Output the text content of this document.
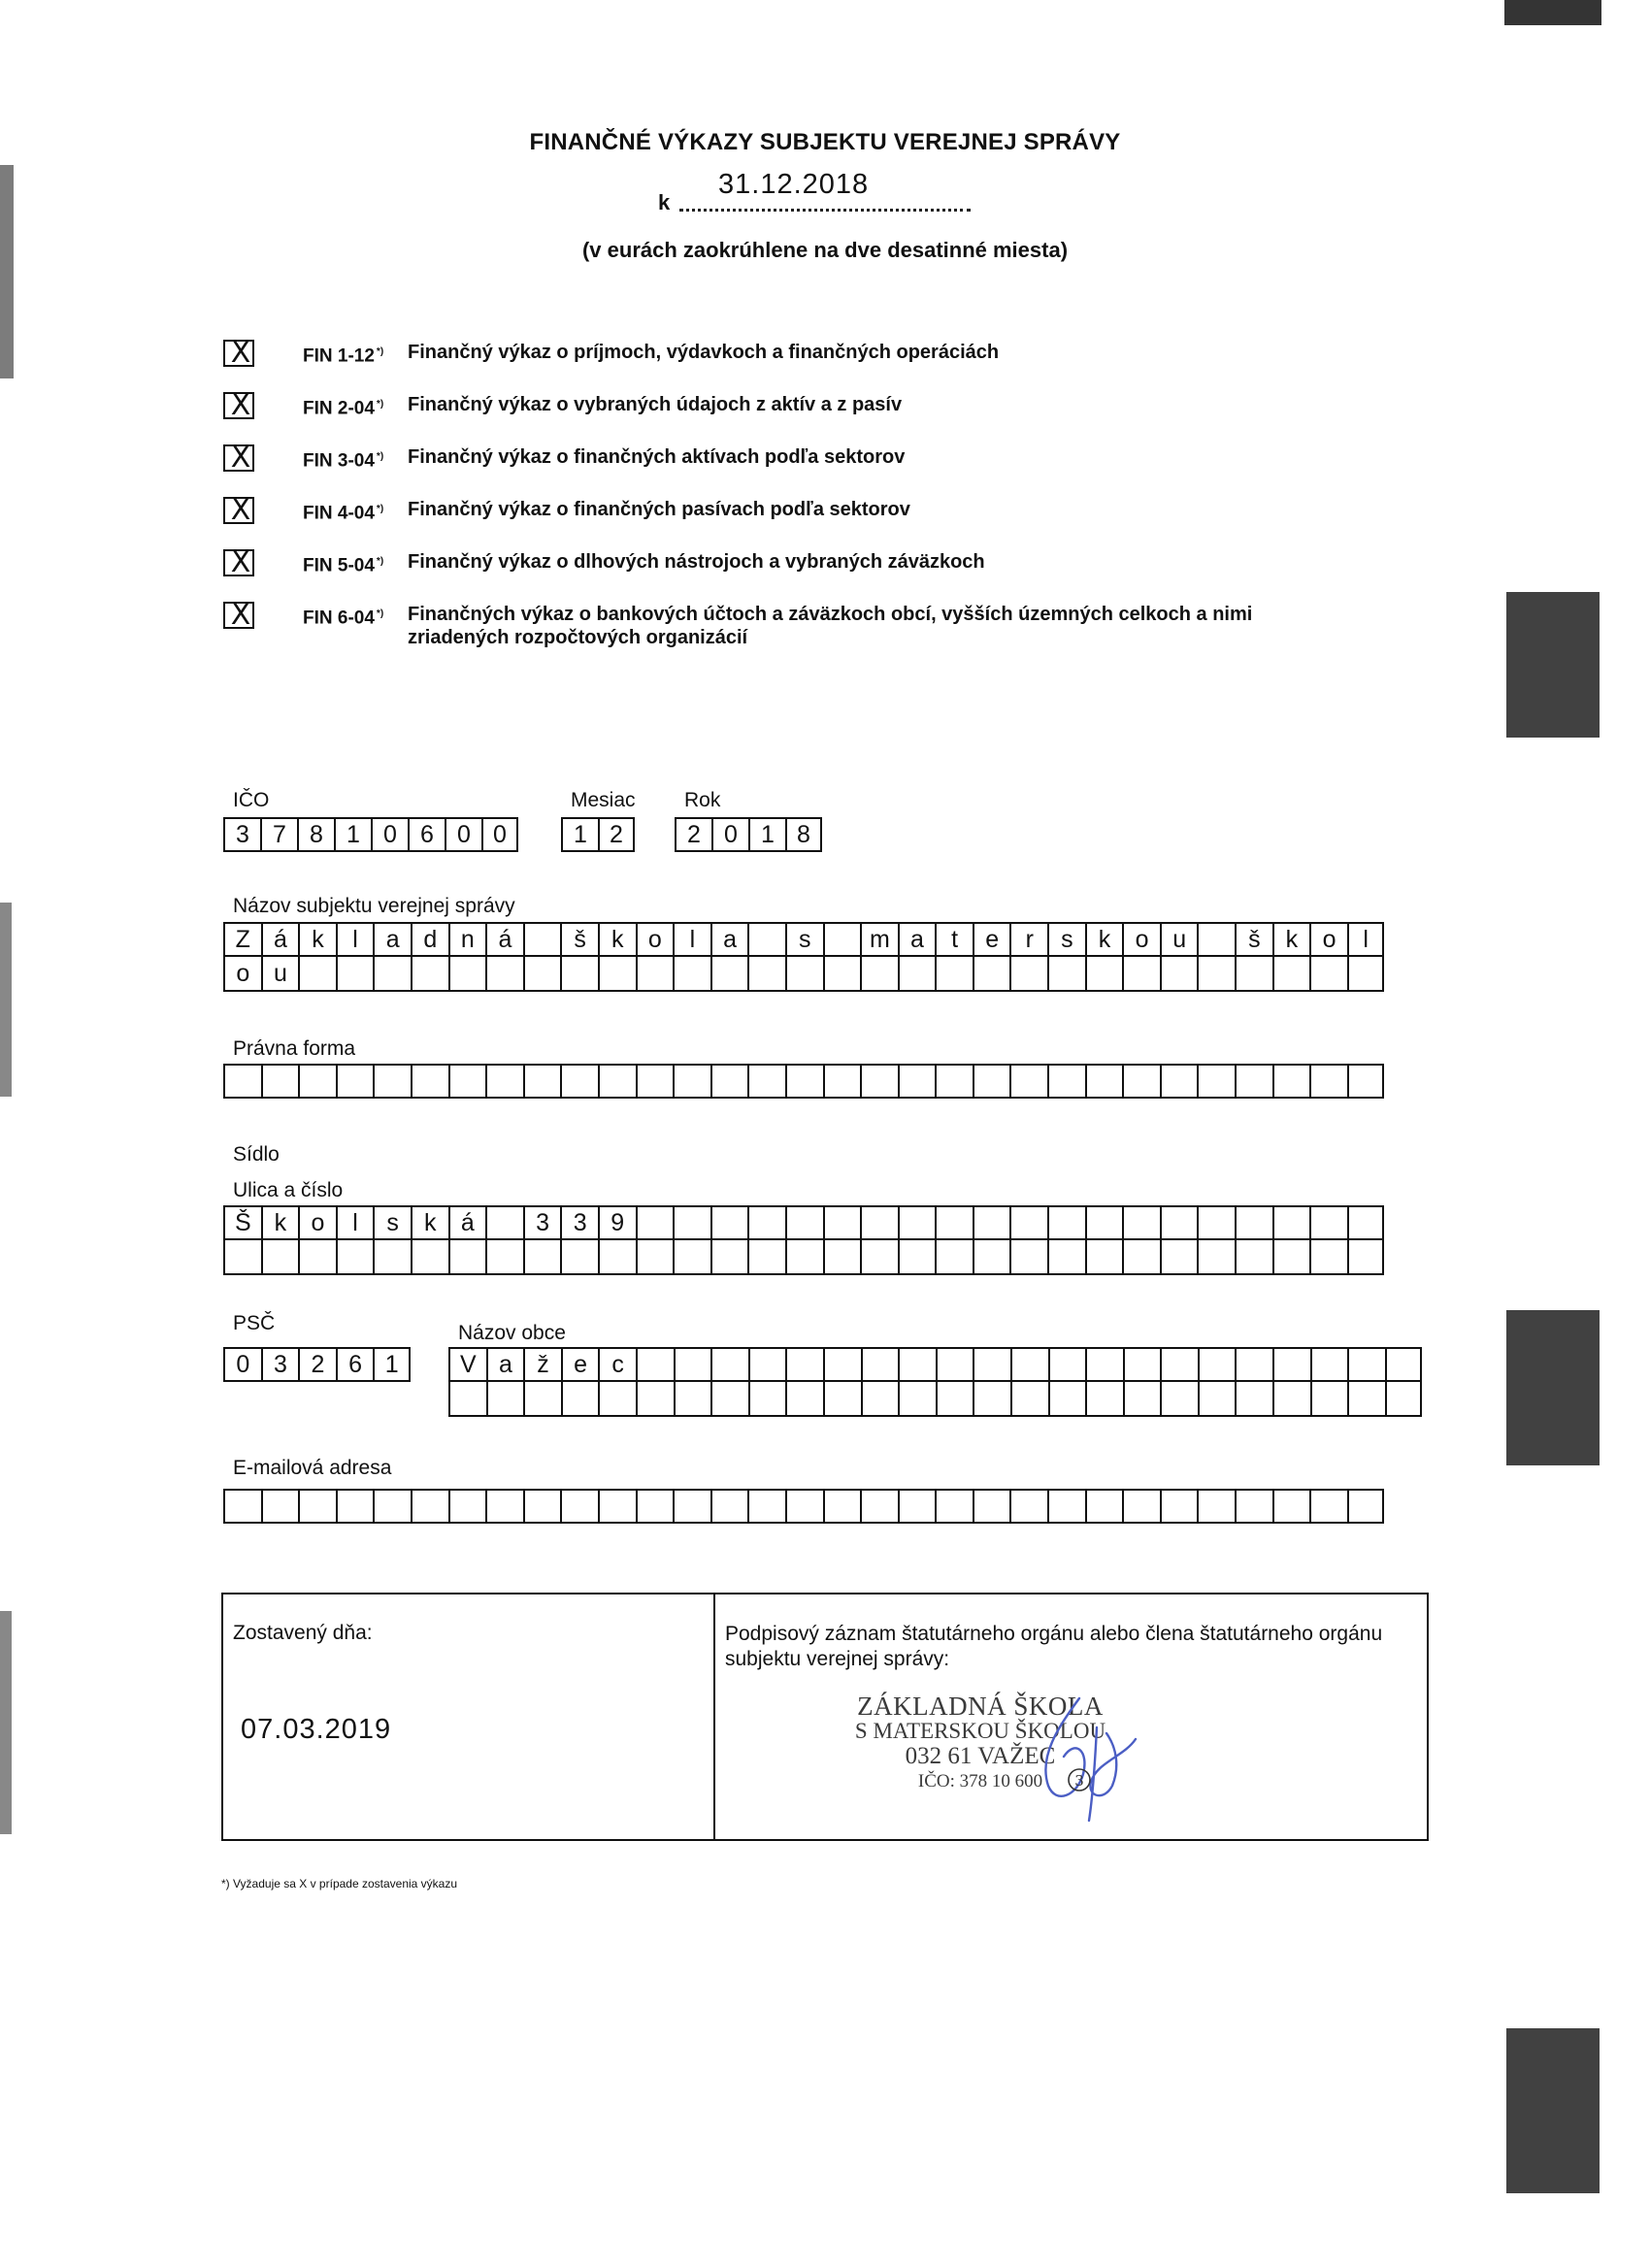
FINANČNÉ VÝKAZY SUBJEKTU VEREJNEJ SPRÁVY
31.12.2018
k
(v eurách zaokrúhlene na dve desatinné miesta)
X	FIN 1-12 *)	Finančný výkaz o príjmoch, výdavkoch a finančných operáciách
X	FIN 2-04 *)	Finančný výkaz o vybraných údajoch z aktív a z pasív
X	FIN 3-04 *)	Finančný výkaz o finančných aktívach podľa sektorov
X	FIN 4-04 *)	Finančný výkaz o finančných pasívach podľa sektorov
X	FIN 5-04 *)	Finančný výkaz o dlhových nástrojoch a vybraných záväzkoch
X	FIN 6-04 *)	Finančných výkaz o bankových účtoch a záväzkoch obcí, vyšších územných celkoch a nimi zriadených rozpočtových organizácií
IČO
3 7 8 1 0 6 0 0
Mesiac
1 2
Rok
2 0 1 8
Názov subjektu verejnej správy
Z á	k	l	a d n á	š	k	o	l	a	s	m a	t	e	r	s	k	o u	š	k	o	l
o u
Právna forma
Sídlo
Ulica a číslo
Š k	o	l	s	k	á	3 3 9
PSČ
0 3 2 6 1
Názov obce
V a	ž	e	c
E-mailová adresa
Zostavený dňa:
07.03.2019
Podpisový záznam štatutárneho orgánu alebo člena štatutárneho orgánu subjektu verejnej správy:
ZÁKLADNÁ ŠKOLA
S MATERSKOU ŠKOLOU
032 61 VAŽEC
IČO: 378 10 600	3
*) Vyžaduje sa X v prípade zostavenia výkazu
